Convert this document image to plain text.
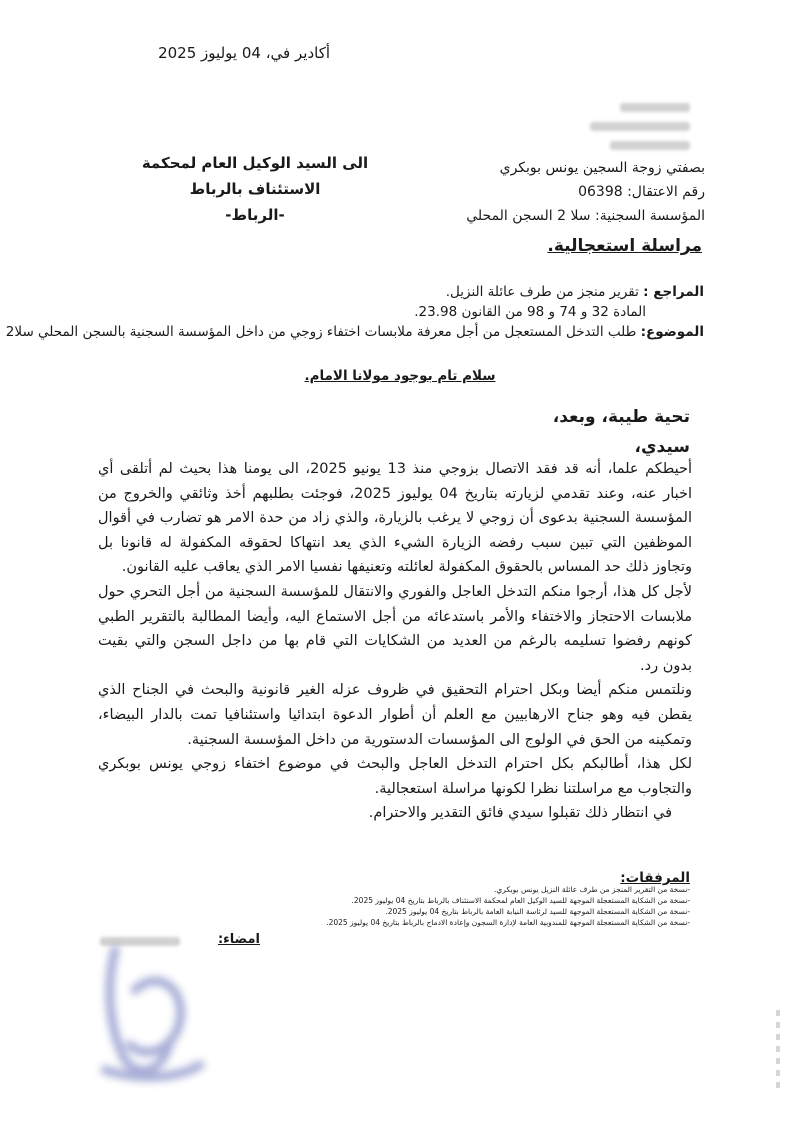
أكادير في، 04 يوليوز 2025
بصفتي زوجة السجين يونس بوبكري
رقم الاعتقال: 06398
المؤسسة السجنية: سلا 2 السجن المحلي
الى السيد الوكيل العام لمحكمة الاستئناف بالرباط
-الرباط-
مراسلة استعجالية.
المراجع : تقرير منجز من طرف عائلة النزيل.
المادة 32 و 74 و 98 من القانون 23.98.
الموضوع: طلب التدخل المستعجل من أجل معرفة ملابسات اختفاء زوجي من داخل المؤسسة السجنية بالسجن المحلي سلا2
سلام تام بوجود مولانا الامام.
تحية طيبة، وبعد،
سيدي،

أحيطكم علما، أنه قد فقد الاتصال بزوجي منذ 13 يونيو 2025، الى يومنا هذا بحيث لم أتلقى أي اخبار عنه، وعند تقدمي لزيارته بتاريخ 04 يوليوز 2025، فوجئت بطلبهم أخذ وثائقي والخروج من المؤسسة السجنية بدعوى أن زوجي لا يرغب بالزيارة، والذي زاد من حدة الامر هو تضارب في أقوال الموظفين التي تبين سبب رفضه الزيارة الشيء الذي يعد انتهاكا لحقوقه المكفولة له قانونا بل وتجاوز ذلك حد المساس بالحقوق المكفولة لعائلته وتعنيفها نفسيا الامر الذي يعاقب عليه القانون.

لأجل كل هذا، أرجوا منكم التدخل العاجل والفوري والانتقال للمؤسسة السجنية من أجل التحري حول ملابسات الاحتجاز والاختفاء والأمر باستدعائه من أجل الاستماع اليه، وأيضا المطالبة بالتقرير الطبي كونهم رفضوا تسليمه بالرغم من العديد من الشكايات التي قام بها من داجل السجن والتي بقيت بدون رد.

ونلتمس منكم أيضا وبكل احترام التحقيق في ظروف عزله الغير قانونية والبحث في الجناح الذي يقطن فيه وهو جناح الارهابيين مع العلم أن أطوار الدعوة ابتدائيا واستئنافيا تمت بالدار البيضاء، وتمكينه من الحق في الولوج الى المؤسسات الدستورية من داخل المؤسسة السجنية.

لكل هذا، أطالبكم بكل احترام التدخل العاجل والبحث في موضوع اختفاء زوجي يونس بوبكري والتجاوب مع مراسلتنا نظرا لكونها مراسلة استعجالية.

في انتظار ذلك تقبلوا سيدي فائق التقدير والاحترام.

المرفقات:
-نسخة من التقرير المنجز من طرف عائلة النزيل يونس بوبكري.
-نسخة من الشكاية المستعجلة الموجهة للسيد الوكيل العام لمحكمة الاستئناف بالرباط بتاريخ 04 يوليوز 2025.
-نسخة من الشكاية المستعجلة الموجهة للسيد لرئاسة النيابة العامة بالرباط بتاريخ 04 يوليوز 2025.
-نسخة من الشكاية المستعجلة الموجهة للمندوبية العامة لإدارة السجون وإعادة الادماج بالرباط بتاريخ 04 يوليوز 2025.
امضاء:
